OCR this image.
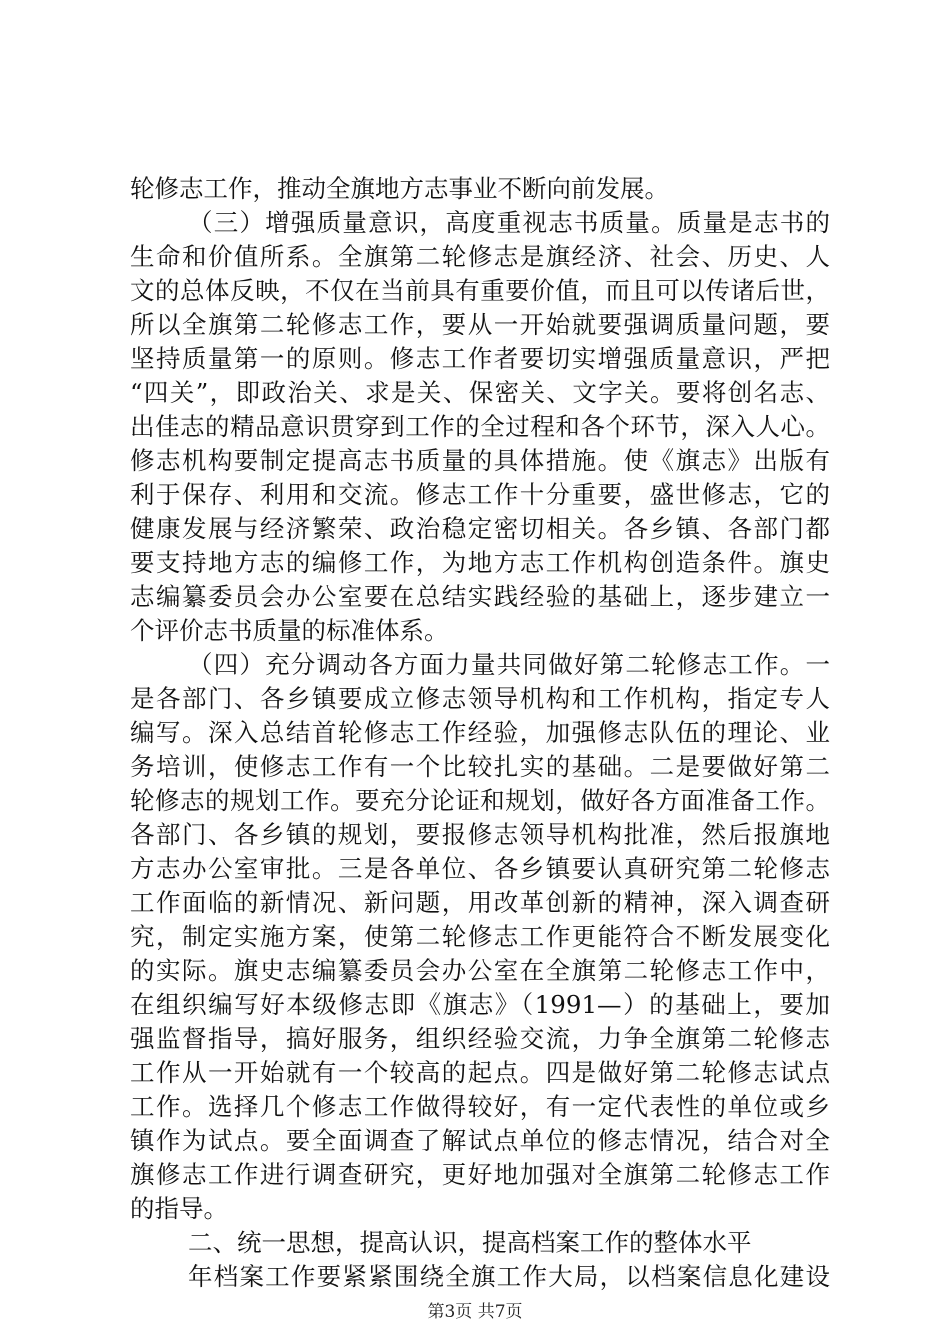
轮修志工作，推动全旗地方志事业不断向前发展。
（三）增强质量意识，高度重视志书质量。质量是志书的
生命和价值所系。全旗第二轮修志是旗经济、社会、历史、人
文的总体反映，不仅在当前具有重要价值，而且可以传诸后世，
所以全旗第二轮修志工作，要从一开始就要强调质量问题，要
坚持质量第一的原则。修志工作者要切实增强质量意识，严把
“四关”，即政治关、求是关、保密关、文字关。要将创名志、
出佳志的精品意识贯穿到工作的全过程和各个环节，深入人心。
修志机构要制定提高志书质量的具体措施。使《旗志》出版有
利于保存、利用和交流。修志工作十分重要，盛世修志，它的
健康发展与经济繁荣、政治稳定密切相关。各乡镇、各部门都
要支持地方志的编修工作，为地方志工作机构创造条件。旗史
志编纂委员会办公室要在总结实践经验的基础上，逐步建立一
个评价志书质量的标准体系。
（四）充分调动各方面力量共同做好第二轮修志工作。一
是各部门、各乡镇要成立修志领导机构和工作机构，指定专人
编写。深入总结首轮修志工作经验，加强修志队伍的理论、业
务培训，使修志工作有一个比较扎实的基础。二是要做好第二
轮修志的规划工作。要充分论证和规划，做好各方面准备工作。
各部门、各乡镇的规划，要报修志领导机构批准，然后报旗地
方志办公室审批。三是各单位、各乡镇要认真研究第二轮修志
工作面临的新情况、新问题，用改革创新的精神，深入调查研
究，制定实施方案，使第二轮修志工作更能符合不断发展变化
的实际。旗史志编纂委员会办公室在全旗第二轮修志工作中，
在组织编写好本级修志即《旗志》（1991—）的基础上，要加
强监督指导，搞好服务，组织经验交流，力争全旗第二轮修志
工作从一开始就有一个较高的起点。四是做好第二轮修志试点
工作。选择几个修志工作做得较好，有一定代表性的单位或乡
镇作为试点。要全面调查了解试点单位的修志情况，结合对全
旗修志工作进行调查研究，更好地加强对全旗第二轮修志工作
的指导。
二、统一思想，提高认识，提高档案工作的整体水平
年档案工作要紧紧围绕全旗工作大局，以档案信息化建设
第3页 共7页
